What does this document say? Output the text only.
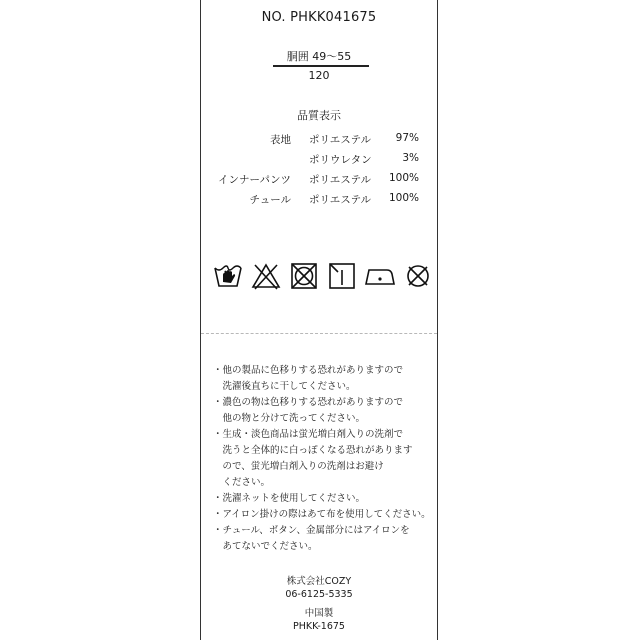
NO. PHKK041675
胴囲 49～55
120
品質表示
表地 ポリエステル	97%
ポリウレタン	3%
インナーパンツ ポリエステル	100%
チュール ポリエステル	100%
・他の製品に色移りする恐れがありますので
　洗濯後直ちに干してください。
・濃色の物は色移りする恐れがありますので
　他の物と分けて洗ってください。
・生成・淡色商品は蛍光増白剤入りの洗剤で
　洗うと全体的に白っぽくなる恐れがあります
　ので、蛍光増白剤入りの洗剤はお避け
　ください。
・洗濯ネットを使用してください。
・アイロン掛けの際はあて布を使用してください。
・チュール、ボタン、金属部分にはアイロンを
　あてないでください。
株式会社COZY
06-6125-5335
中国製
PHKK-1675
